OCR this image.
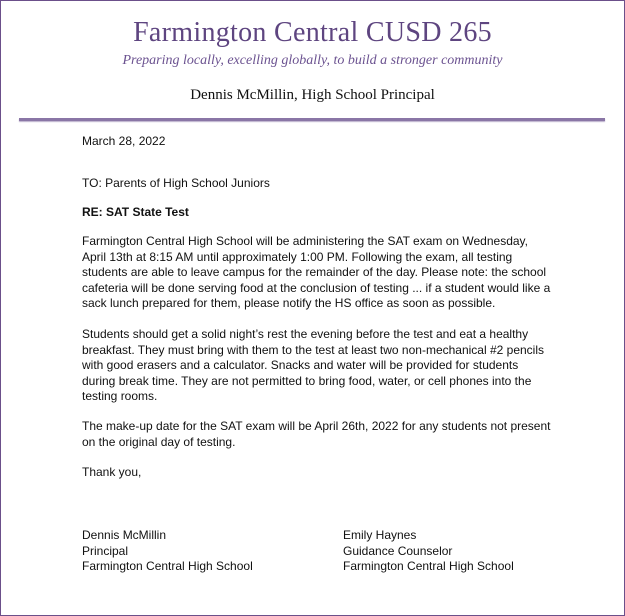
Farmington Central CUSD 265
Preparing locally, excelling globally, to build a stronger community
Dennis McMillin, High School Principal

March 28, 2022

TO: Parents of High School Juniors

RE: SAT State Test

Farmington Central High School will be administering the SAT exam on Wednesday, April 13th at 8:15 AM until approximately 1:00 PM. Following the exam, all testing students are able to leave campus for the remainder of the day. Please note: the school cafeteria will be done serving food at the conclusion of testing ... if a student would like a sack lunch prepared for them, please notify the HS office as soon as possible.

Students should get a solid night’s rest the evening before the test and eat a healthy breakfast. They must bring with them to the test at least two non-mechanical #2 pencils with good erasers and a calculator. Snacks and water will be provided for students during break time. They are not permitted to bring food, water, or cell phones into the testing rooms.

The make-up date for the SAT exam will be April 26th, 2022 for any students not present on the original day of testing.

Thank you,

Dennis McMillin
Principal
Farmington Central High School
Emily Haynes
Guidance Counselor
Farmington Central High School
